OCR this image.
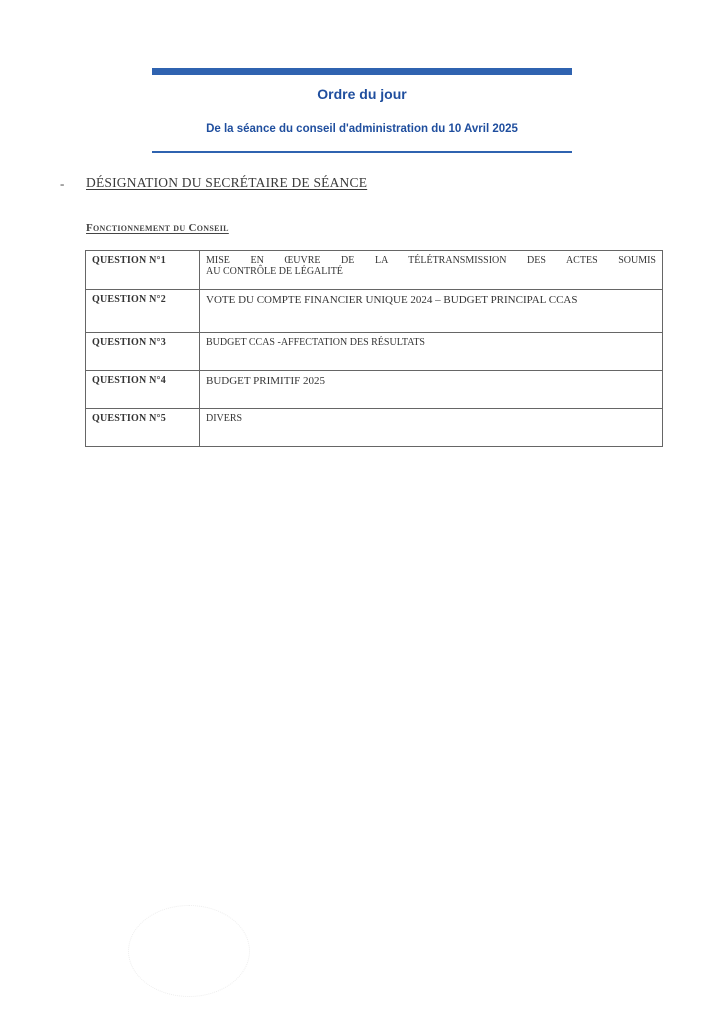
Ordre du jour
De la séance du conseil d'administration du 10 Avril 2025
- DÉSIGNATION DU SECRÉTAIRE DE SÉANCE
Fonctionnement du Conseil
QUESTION N°1	MISE EN ŒUVRE DE LA TÉLÉTRANSMISSION DES ACTES SOUMIS
AU CONTRÔLE DE LÉGALITÉ

QUESTION N°2	VOTE DU COMPTE FINANCIER UNIQUE 2024 – BUDGET PRINCIPAL CCAS
QUESTION N°3	BUDGET CCAS -AFFECTATION DES RÉSULTATS
QUESTION N°4	BUDGET PRIMITIF 2025
QUESTION N°5	DIVERS
